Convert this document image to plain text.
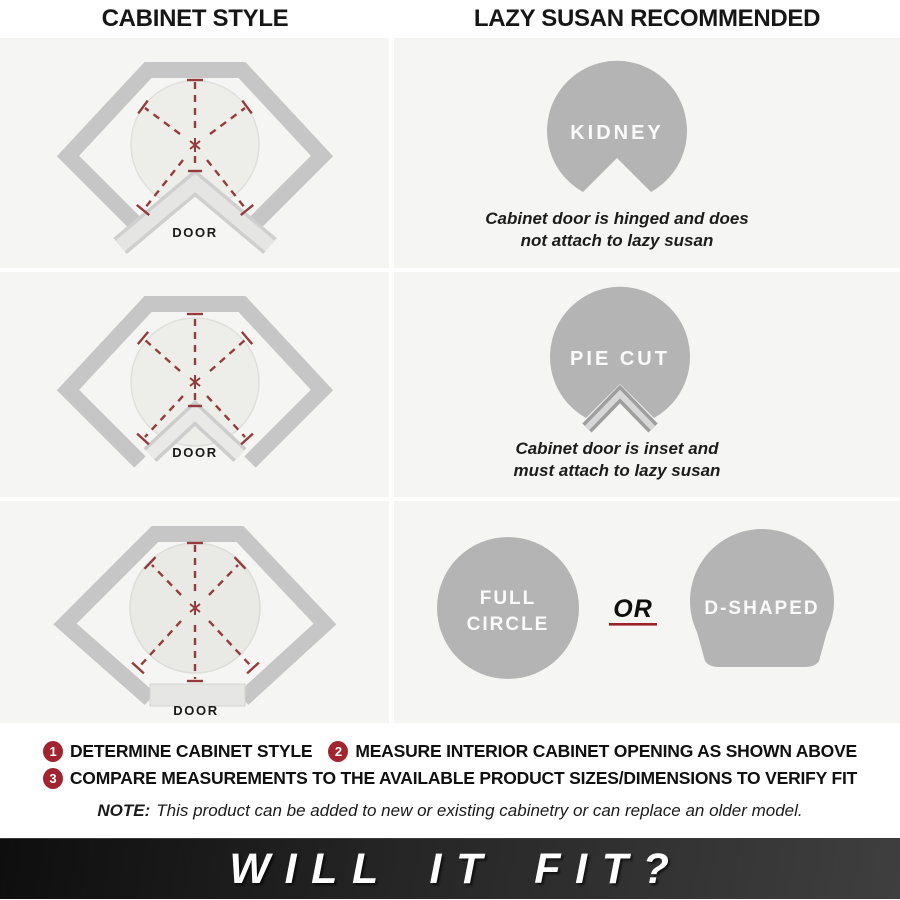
CABINET STYLE	LAZY SUSAN RECOMMENDED
DOOR
KIDNEY
Cabinet door is hinged and does
not attach to lazy susan
DOOR
PIE CUT
Cabinet door is inset and
must attach to lazy susan
DOOR
FULL
CIRCLE
OR	D-SHAPED
1 DETERMINE CABINET STYLE	2 MEASURE INTERIOR CABINET OPENING AS SHOWN ABOVE
3 COMPARE MEASUREMENTS TO THE AVAILABLE PRODUCT SIZES/DIMENSIONS TO VERIFY FIT
NOTE: This product can be added to new or existing cabinetry or can replace an older model.
WILL IT FIT?
